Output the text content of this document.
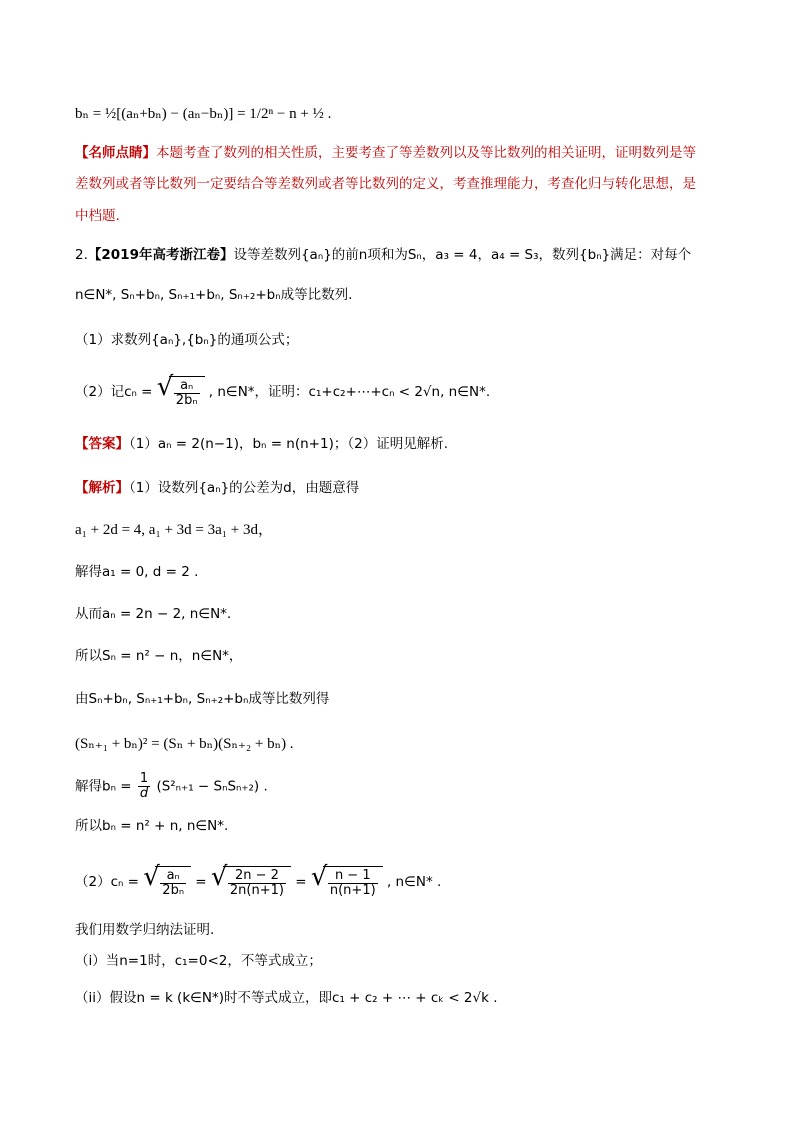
bₙ = ½[(aₙ+bₙ) − (aₙ−bₙ)] = 1/2ⁿ − n + ½ .
【名师点睛】本题考查了数列的相关性质，主要考查了等差数列以及等比数列的相关证明，证明数列是等
差数列或者等比数列一定要结合等差数列或者等比数列的定义，考查推理能力，考查化归与转化思想，是
中档题.
2.【2019年高考浙江卷】设等差数列{aₙ}的前n项和为Sₙ，a₃ = 4，a₄ = S₃，数列{bₙ}满足：对每个
n∈N*, Sₙ+bₙ, Sₙ₊₁+bₙ, Sₙ₊₂+bₙ成等比数列.
（1）求数列{aₙ},{bₙ}的通项公式；
（2）记cₙ = √ $\frac{\text{aₙ}}{\text{2bₙ}}$ , n∈N*，证明：c₁+c₂+⋯+cₙ < 2√n, n∈N*.
【答案】（1）aₙ = 2(n−1)，bₙ = n(n+1)；（2）证明见解析.
【解析】（1）设数列{aₙ}的公差为d，由题意得
a₁ + 2d = 4, a₁ + 3d = 3a₁ + 3d，
解得a₁ = 0, d = 2 .
从而aₙ = 2n − 2, n∈N*.
所以Sₙ = n² − n，n∈N*，
由Sₙ+bₙ, Sₙ₊₁+bₙ, Sₙ₊₂+bₙ成等比数列得
(Sₙ₊₁ + bₙ)² = (Sₙ + bₙ)(Sₙ₊₂ + bₙ) .
解得$b_n = \frac{1}{d} (S^2_{n+1} - S_nS_{n+2})$ .
所以bₙ = n² + n, n∈N*.
（2）cₙ = √ $\frac{\text{aₙ}}{\text{2bₙ}}$ = √ $\frac{2n - 2}{2n(n+1)}$ = √ $\frac{n - 1}{n(n+1)}$ , n∈N* .
我们用数学归纳法证明.
（i）当n=1时，c₁=0<2，不等式成立；
（ii）假设n = k (k∈N*)时不等式成立，即c₁ + c₂ + ⋯ + cₖ < 2√k .
